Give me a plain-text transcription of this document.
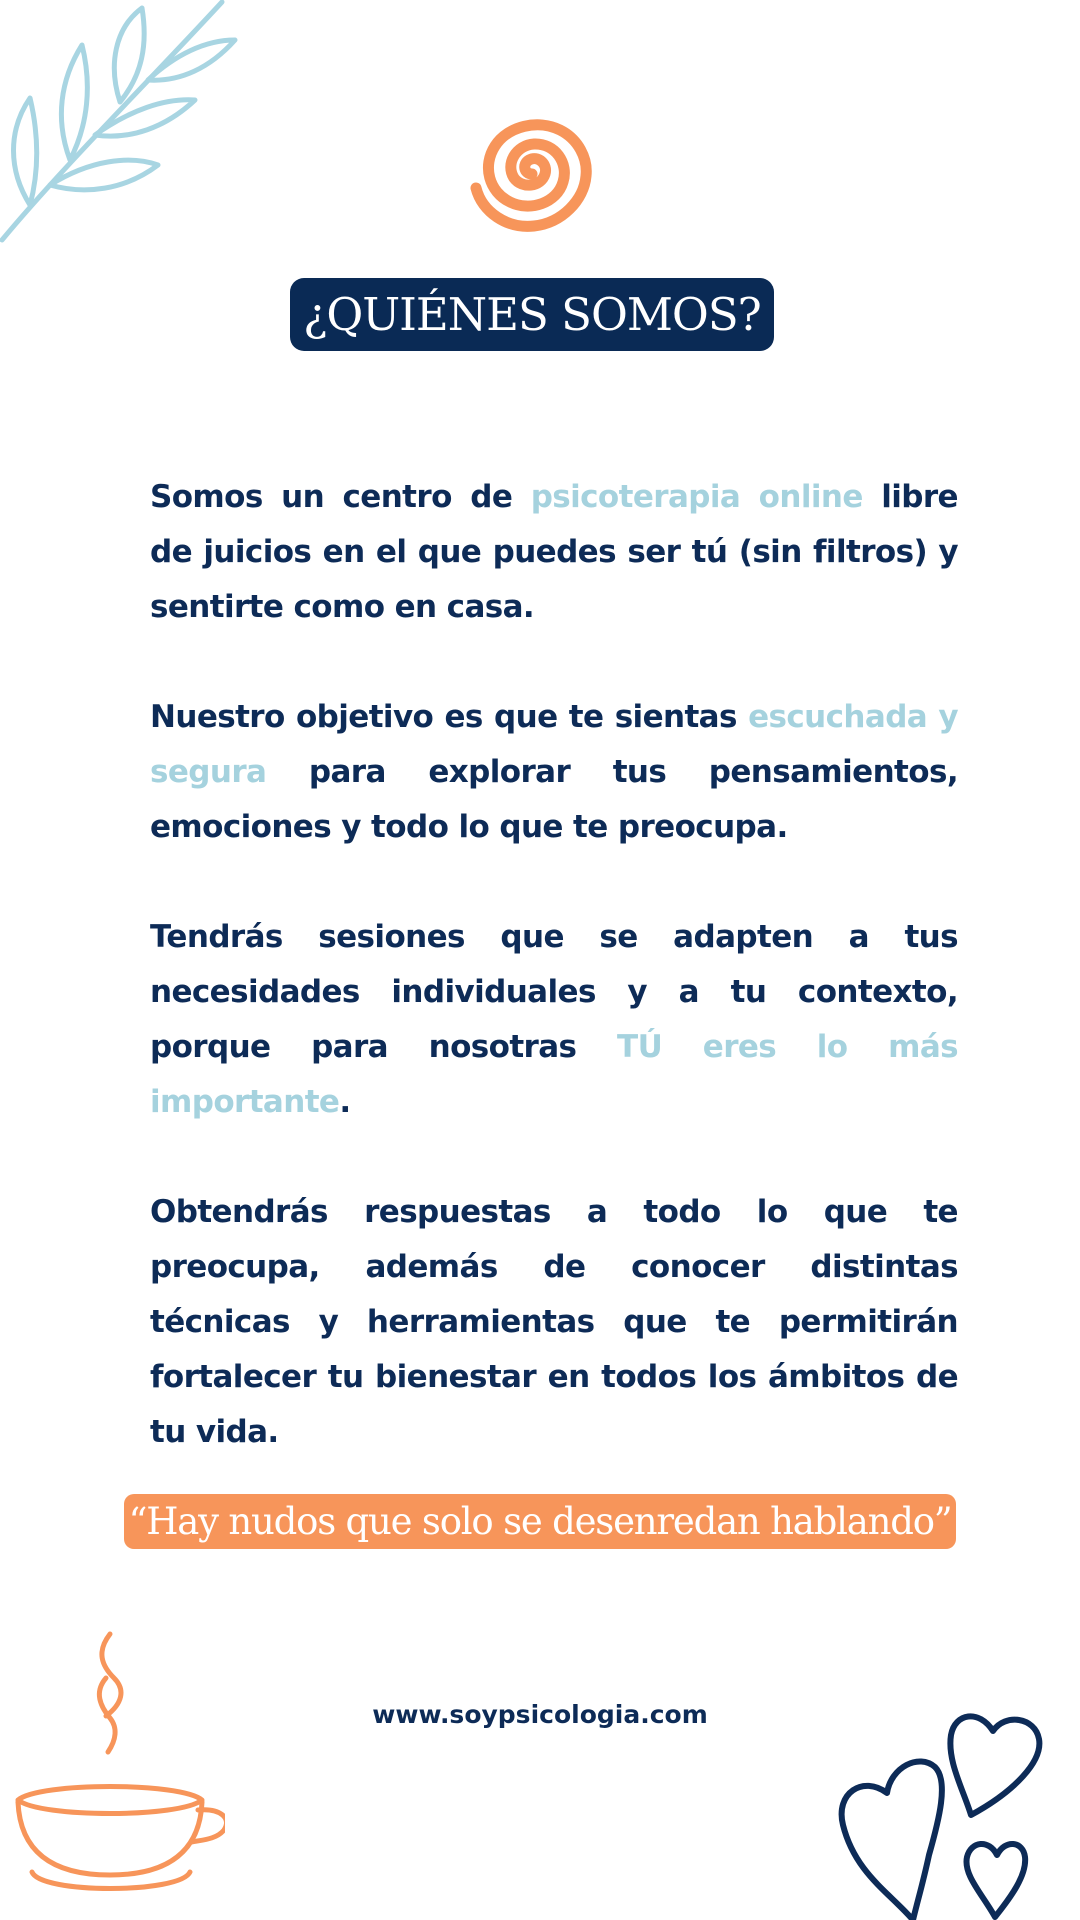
¿QUIÉNES SOMOS?

Somos un centro de psicoterapia online libre de juicios en el que puedes ser tú (sin filtros) y sentirte como en casa.

Nuestro objetivo es que te sientas escuchada y segura para explorar tus pensamientos, emociones y todo lo que te preocupa.

Tendrás sesiones que se adapten a tus necesidades individuales y a tu contexto, porque para nosotras TÚ eres lo más importante.

Obtendrás respuestas a todo lo que te preocupa, además de conocer distintas técnicas y herramientas que te permitirán fortalecer tu bienestar en todos los ámbitos de tu vida.

“Hay nudos que solo se desenredan hablando”
www.soypsicologia.com
